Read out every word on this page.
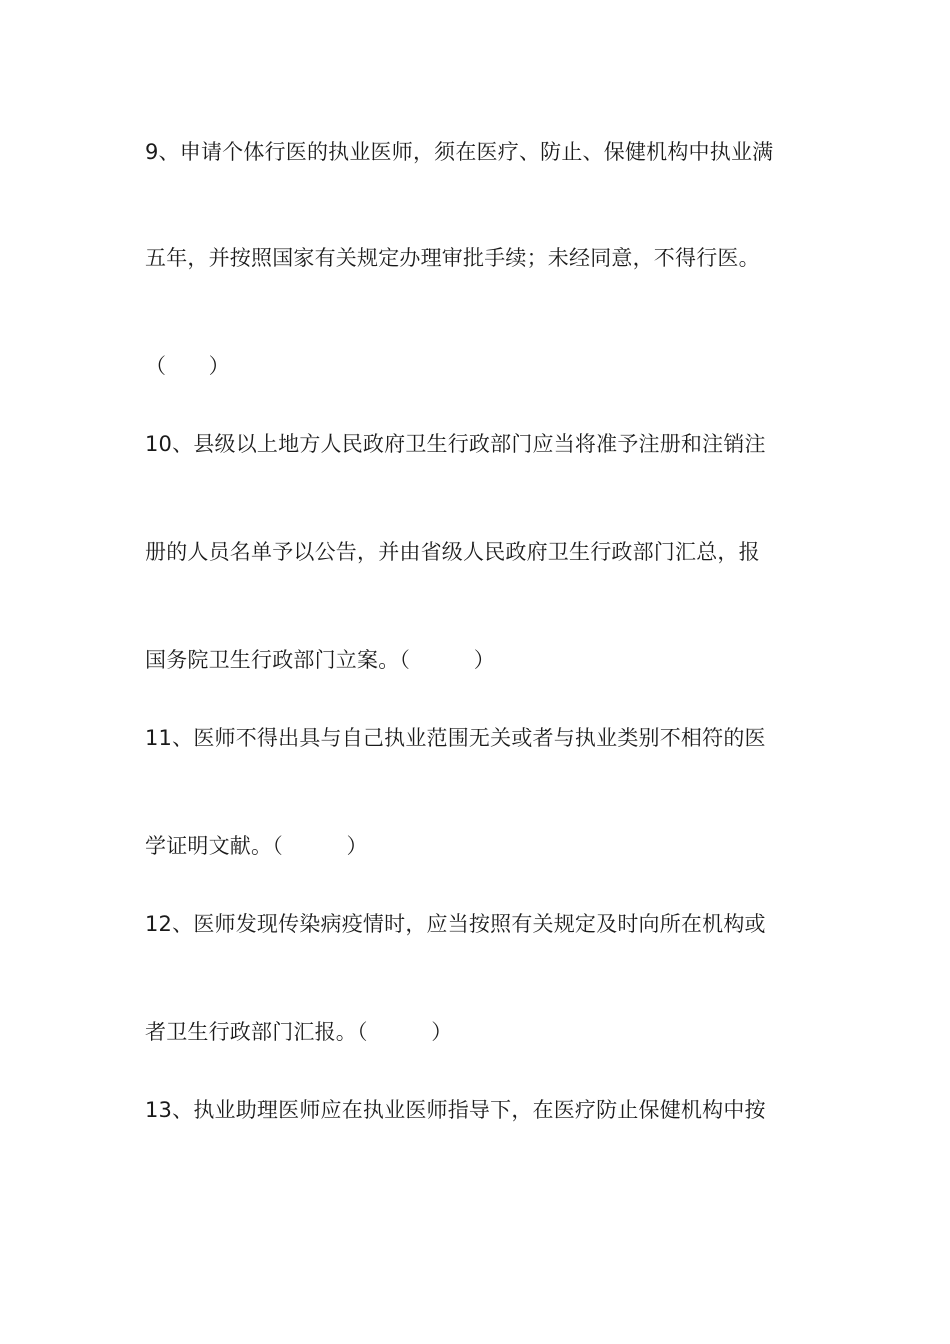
9、申请个体行医的执业医师，须在医疗、防止、保健机构中执业满
五年，并按照国家有关规定办理审批手续；未经同意，不得行医。
（　　）
10、县级以上地方人民政府卫生行政部门应当将准予注册和注销注
册的人员名单予以公告，并由省级人民政府卫生行政部门汇总，报
国务院卫生行政部门立案。（　　　）
11、医师不得出具与自己执业范围无关或者与执业类别不相符的医
学证明文献。（　　　）
12、医师发现传染病疫情时，应当按照有关规定及时向所在机构或
者卫生行政部门汇报。（　　　）
13、执业助理医师应在执业医师指导下，在医疗防止保健机构中按
